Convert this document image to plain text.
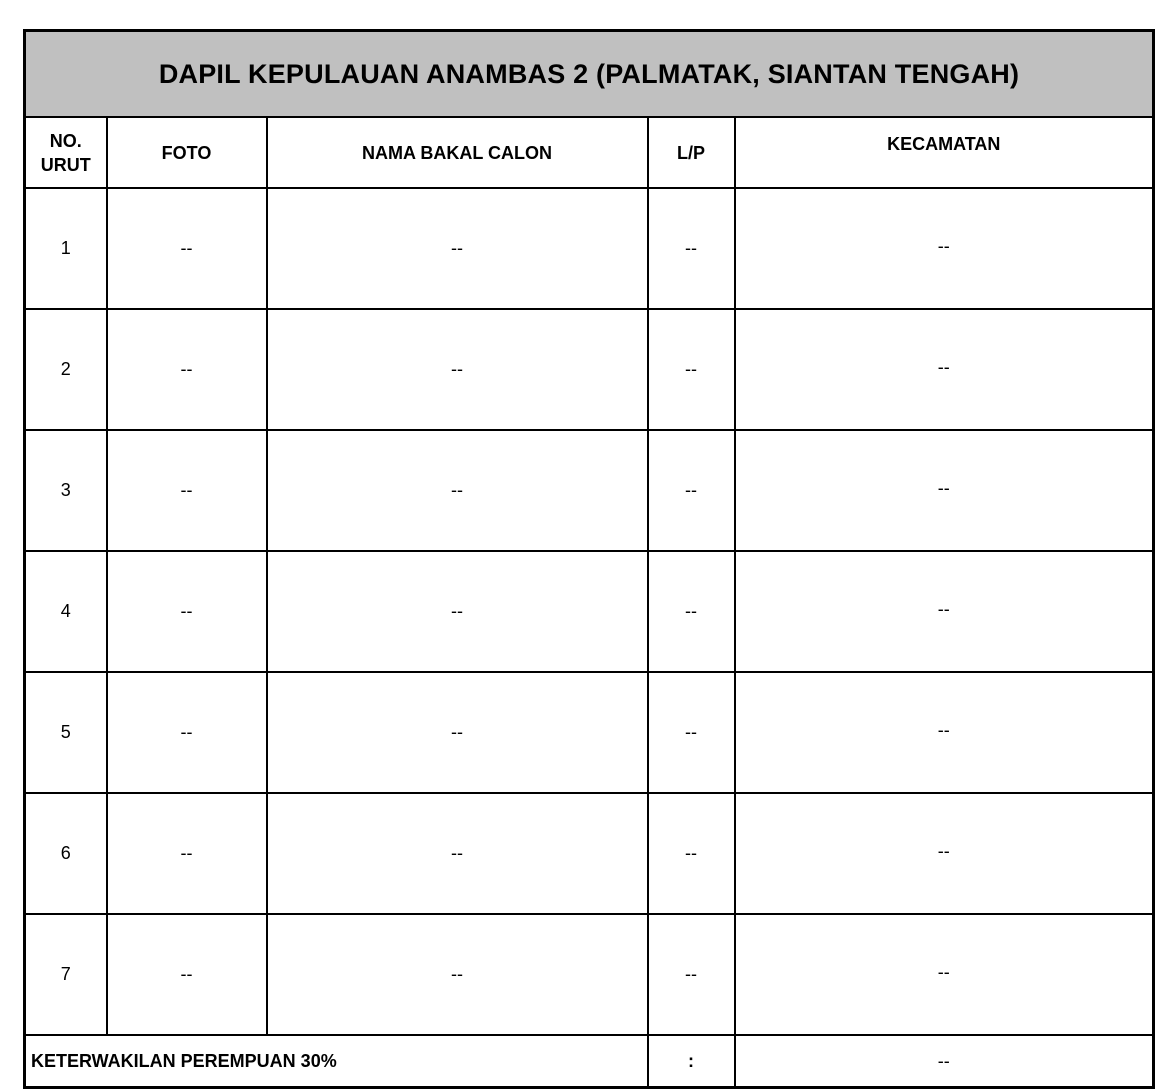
DAPIL KEPULAUAN ANAMBAS 2 (PALMATAK, SIANTAN TENGAH)				
NO.
URUT	FOTO	NAMA BAKAL CALON	L/P	KECAMATAN
1	--	--	--	--
2	--	--	--	--
3	--	--	--	--
4	--	--	--	--
5	--	--	--	--
6	--	--	--	--
7	--	--	--	--
KETERWAKILAN PEREMPUAN 30%			:	--
